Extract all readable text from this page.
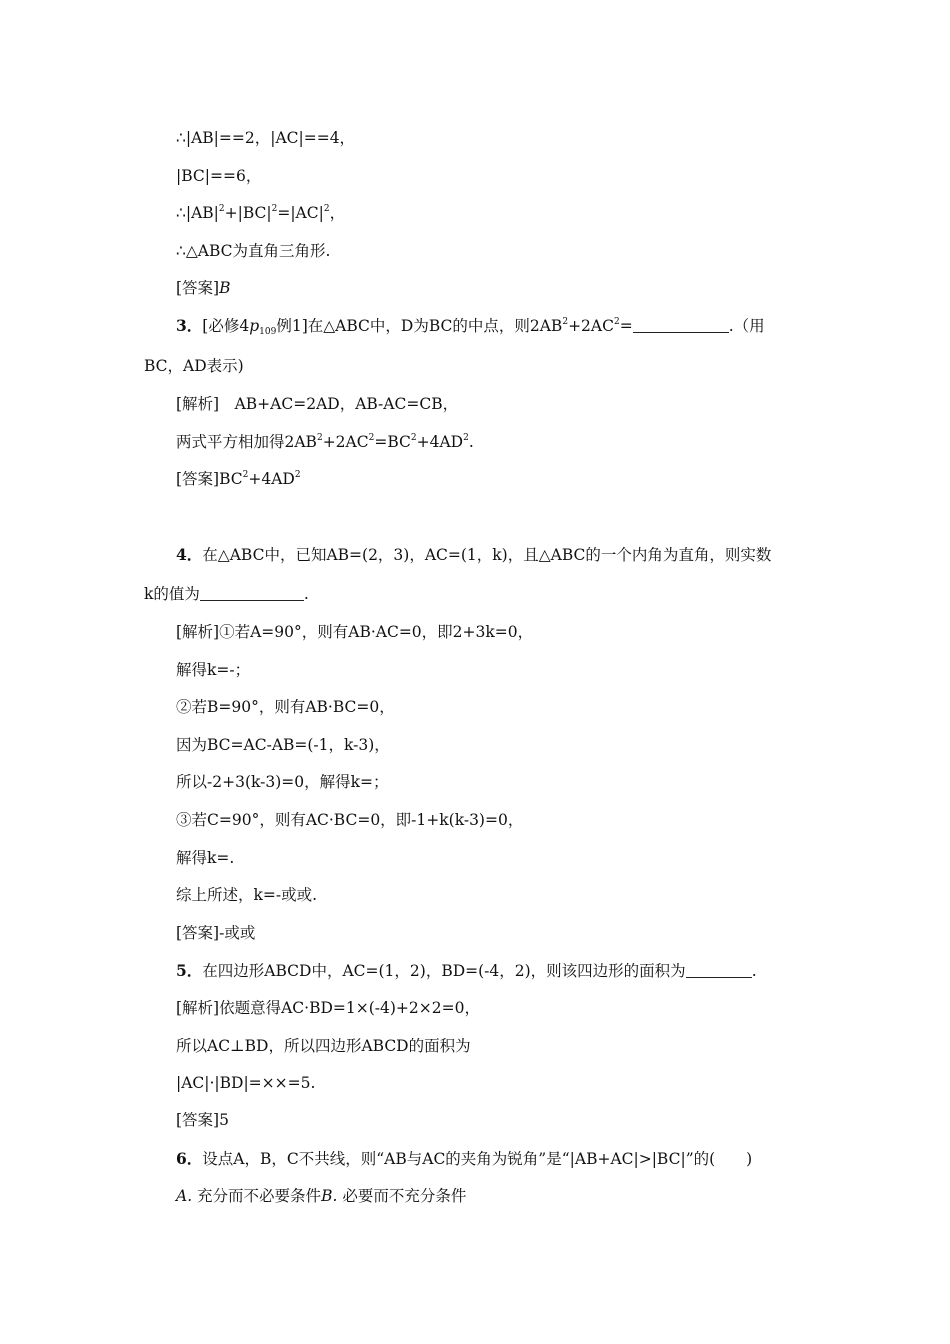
∴|AB|==2，|AC|==4，
|BC|==6，
$\therefore|AB|^2+|BC|^2=|AC|^2$，
∴△ABC为直角三角形.
[答案]B
3．[必修$4p_{109}$例1]在△ABC中，D为BC的中点，则$2AB^2+2AC^2=$	.（用
BC，AD表示)
[解析]　AB+AC=2AD，AB-AC=CB，
两式平方相加得$2AB^2+2AC^2=BC^2+4AD^2$.
[答案]$BC^2+4AD^2$
4．在△ABC中，已知AB=(2，3)，AC=(1，k)，且△ABC的一个内角为直角，则实数
k的值为	.
[解析]①若A=90°，则有AB·AC=0，即2+3k=0，
解得k=-；
②若B=90°，则有AB·BC=0，
因为BC=AC-AB=(-1，k-3)，
所以-2+3(k-3)=0，解得k=；
③若C=90°，则有AC·BC=0，即-1+k(k-3)=0，
解得k=.
综上所述，k=-或或.
[答案]-或或
5．在四边形ABCD中，AC=(1，2)，BD=(-4，2)，则该四边形的面积为	.
[解析]依题意得AC·BD=1×(-4)+2×2=0，
所以AC⊥BD，所以四边形ABCD的面积为
|AC|·|BD|=××=5.
[答案]5
6．设点A，B，C不共线，则“AB与AC的夹角为锐角”是“|AB+AC|>|BC|”的(　　)
A. 充分而不必要条件B. 必要而不充分条件
